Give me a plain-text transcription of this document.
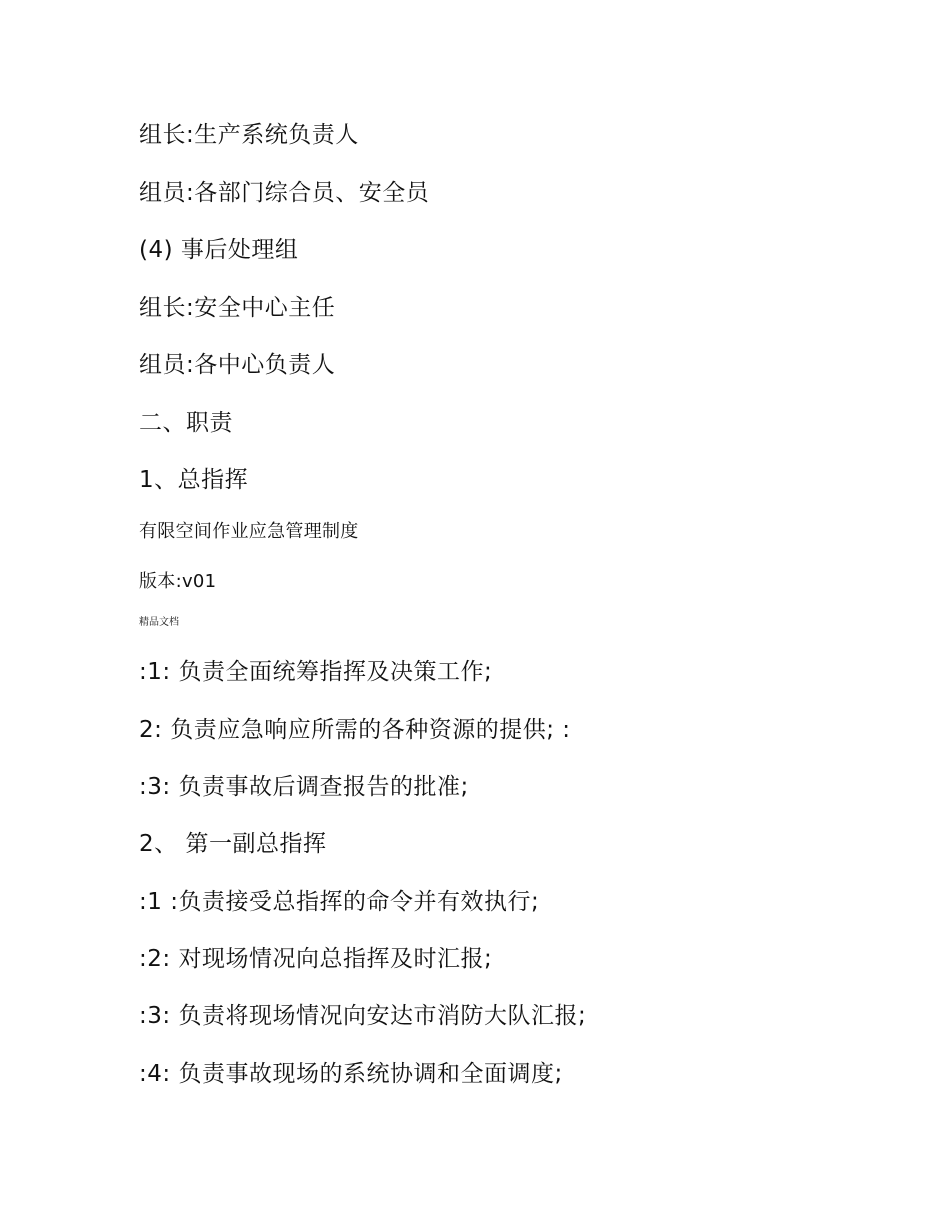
组长:生产系统负责人
组员:各部门综合员、安全员
(4) 事后处理组
组长:安全中心主任
组员:各中心负责人
二、职责
1、总指挥
有限空间作业应急管理制度
版本:v01
精品文档
:1: 负责全面统筹指挥及决策工作;
2: 负责应急响应所需的各种资源的提供; :
:3: 负责事故后调查报告的批准;
2、 第一副总指挥
:1 :负责接受总指挥的命令并有效执行;
:2: 对现场情况向总指挥及时汇报;
:3: 负责将现场情况向安达市消防大队汇报;
:4: 负责事故现场的系统协调和全面调度;
